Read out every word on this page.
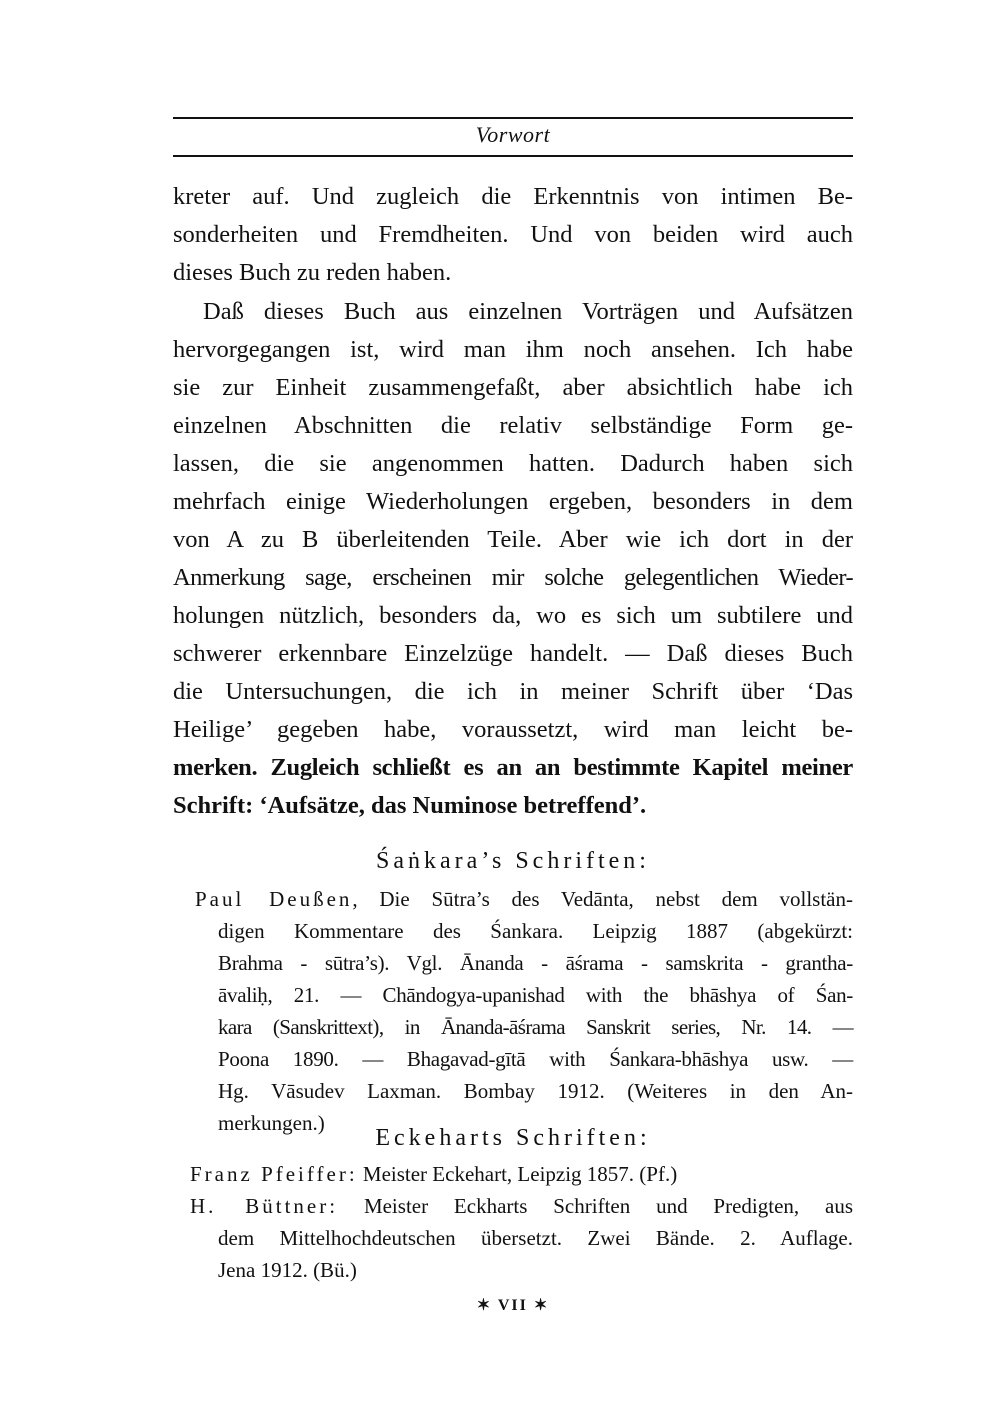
Vorwort
kreter auf. Und zugleich die Erkenntnis von intimen Be-
sonderheiten und Fremdheiten. Und von beiden wird auch
dieses Buch zu reden haben.
Daß dieses Buch aus einzelnen Vorträgen und Aufsätzen
hervorgegangen ist, wird man ihm noch ansehen. Ich habe
sie zur Einheit zusammengefaßt, aber absichtlich habe ich
einzelnen Abschnitten die relativ selbständige Form ge-
lassen, die sie angenommen hatten. Dadurch haben sich
mehrfach einige Wiederholungen ergeben, besonders in dem
von A zu B überleitenden Teile. Aber wie ich dort in der
Anmerkung sage, erscheinen mir solche gelegentlichen Wieder-
holungen nützlich, besonders da, wo es sich um subtilere und
schwerer erkennbare Einzelzüge handelt. — Daß dieses Buch
die Untersuchungen, die ich in meiner Schrift über ‘Das
Heilige’ gegeben habe, voraussetzt, wird man leicht be-
merken. Zugleich schließt es an an bestimmte Kapitel meiner
Schrift: ‘Aufsätze, das Numinose betreffend’.
Śaṅkara’s Schriften:
Paul Deußen, Die Sūtra’s des Vedānta, nebst dem vollstän-
digen Kommentare des Śankara. Leipzig 1887 (abgekürzt:
Brahma - sūtra’s). Vgl. Ānanda - āśrama - samskrita - grantha-
āvaliḥ, 21. — Chāndogya-upanishad with the bhāshya of Śan-
kara (Sanskrittext), in Ānanda-āśrama Sanskrit series, Nr. 14. —
Poona 1890. — Bhagavad-gītā with Śankara-bhāshya usw. —
Hg. Vāsudev Laxman. Bombay 1912. (Weiteres in den An-
merkungen.)
Eckeharts Schriften:
Franz Pfeiffer: Meister Eckehart, Leipzig 1857. (Pf.)
H. Büttner: Meister Eckharts Schriften und Predigten, aus
dem Mittelhochdeutschen übersetzt. Zwei Bände. 2. Auflage.
Jena 1912. (Bü.)
✶ VII ✶
